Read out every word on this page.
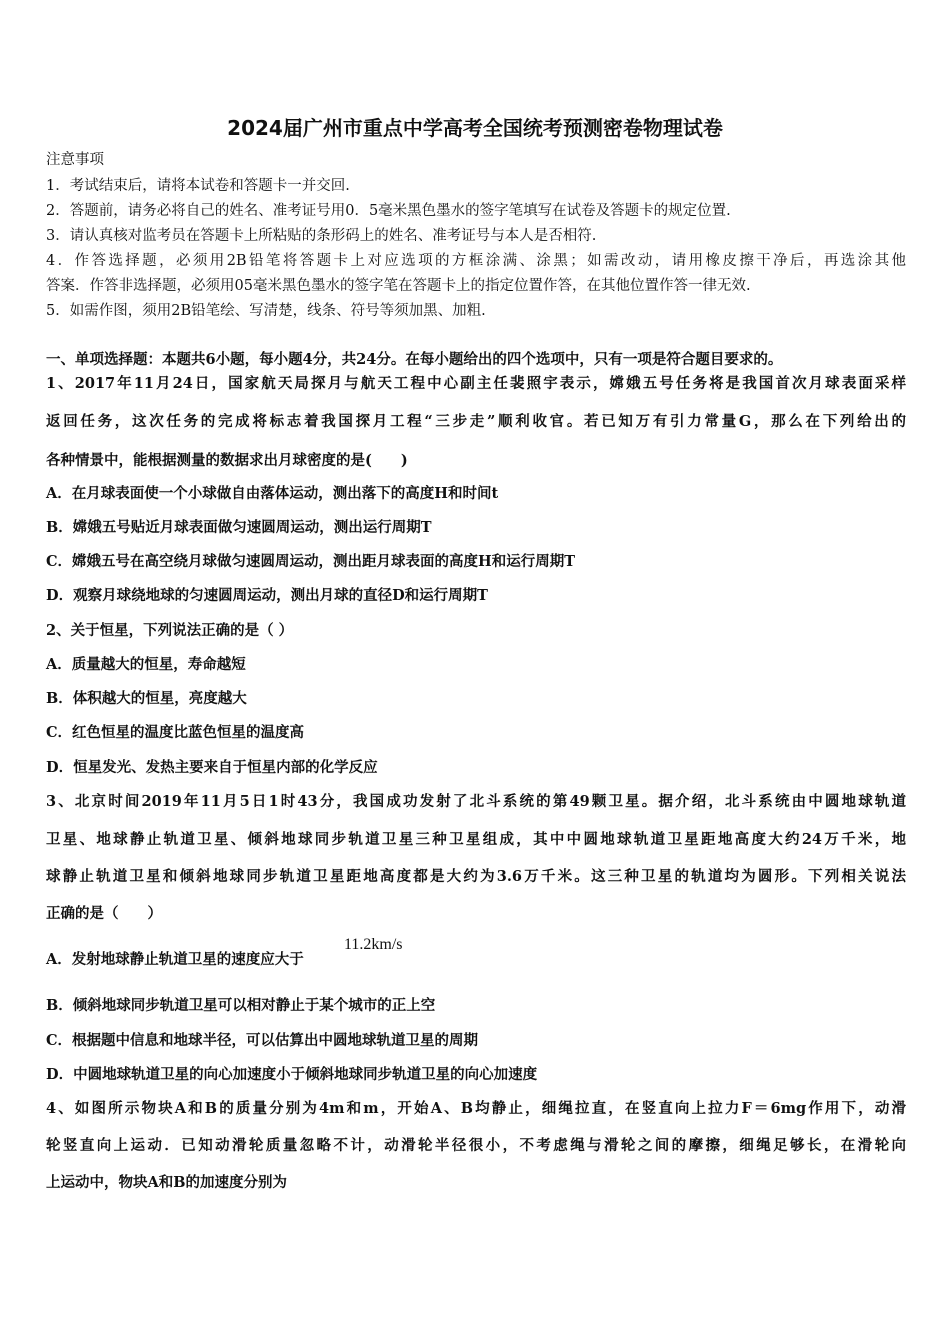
2024届广州市重点中学高考全国统考预测密卷物理试卷
注意事项
1．考试结束后，请将本试卷和答题卡一并交回.
2．答题前，请务必将自己的姓名、准考证号用0．5毫米黑色墨水的签字笔填写在试卷及答题卡的规定位置.
3．请认真核对监考员在答题卡上所粘贴的条形码上的姓名、准考证号与本人是否相符.
4．作答选择题，必须用2B铅笔将答题卡上对应选项的方框涂满、涂黑；如需改动，请用橡皮擦干净后，再选涂其他
答案．作答非选择题，必须用05毫米黑色墨水的签字笔在答题卡上的指定位置作答，在其他位置作答一律无效.
5．如需作图，须用2B铅笔绘、写清楚，线条、符号等须加黑、加粗.
一、单项选择题：本题共6小题，每小题4分，共24分。在每小题给出的四个选项中，只有一项是符合题目要求的。
1、2017年11月24日，国家航天局探月与航天工程中心副主任裴照宇表示，嫦娥五号任务将是我国首次月球表面采样
返回任务，这次任务的完成将标志着我国探月工程“三步走”顺利收官。若已知万有引力常量G，那么在下列给出的
各种情景中，能根据测量的数据求出月球密度的是(　　)
A．在月球表面使一个小球做自由落体运动，测出落下的高度H和时间t
B．嫦娥五号贴近月球表面做匀速圆周运动，测出运行周期T
C．嫦娥五号在高空绕月球做匀速圆周运动，测出距月球表面的高度H和运行周期T
D．观察月球绕地球的匀速圆周运动，测出月球的直径D和运行周期T
2、关于恒星，下列说法正确的是（ ）
A．质量越大的恒星，寿命越短
B．体积越大的恒星，亮度越大
C．红色恒星的温度比蓝色恒星的温度高
D．恒星发光、发热主要来自于恒星内部的化学反应
3、北京时间2019年11月5日1时43分，我国成功发射了北斗系统的第49颗卫星。据介绍，北斗系统由中圆地球轨道
卫星、地球静止轨道卫星、倾斜地球同步轨道卫星三种卫星组成，其中中圆地球轨道卫星距地高度大约24万千米，地
球静止轨道卫星和倾斜地球同步轨道卫星距地高度都是大约为3.6万千米。这三种卫星的轨道均为圆形。下列相关说法
正确的是（　　）
A．发射地球静止轨道卫星的速度应大于
11.2km/s
B．倾斜地球同步轨道卫星可以相对静止于某个城市的正上空
C．根据题中信息和地球半径，可以估算出中圆地球轨道卫星的周期
D．中圆地球轨道卫星的向心加速度小于倾斜地球同步轨道卫星的向心加速度
4、如图所示物块A和B的质量分别为4m和m，开始A、B均静止，细绳拉直，在竖直向上拉力F＝6mg作用下，动滑
轮竖直向上运动．已知动滑轮质量忽略不计，动滑轮半径很小，不考虑绳与滑轮之间的摩擦，细绳足够长，在滑轮向
上运动中，物块A和B的加速度分别为
